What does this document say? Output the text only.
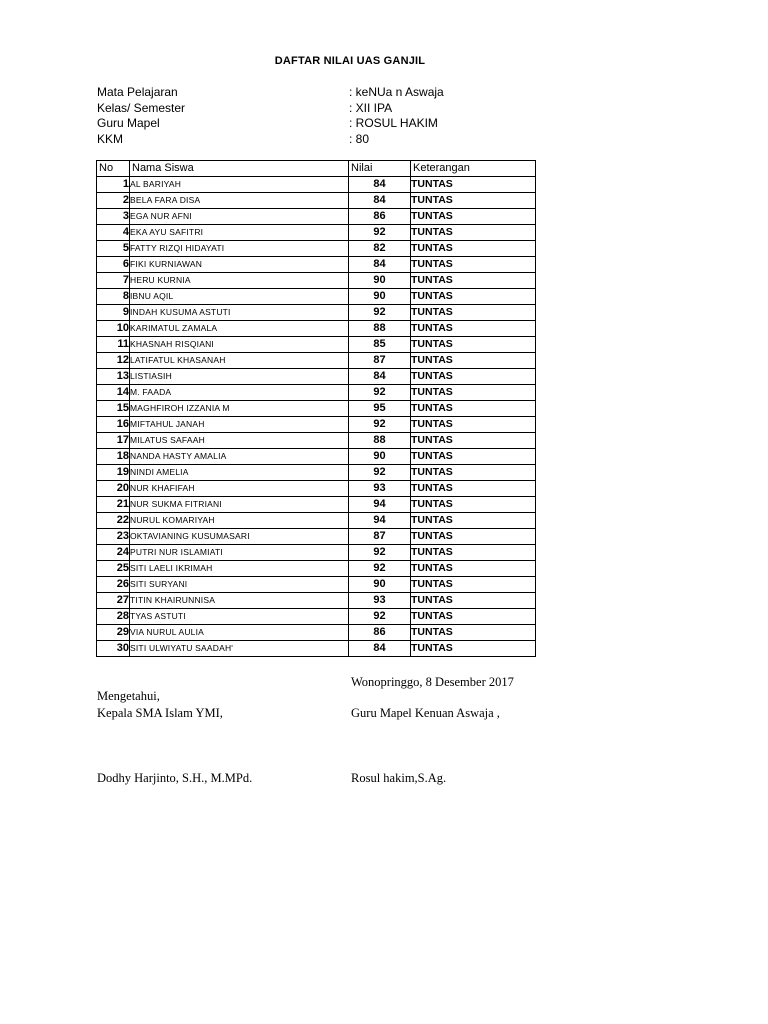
DAFTAR NILAI UAS GANJIL
Mata Pelajaran	: keNUa n Aswaja
Kelas/ Semester	: XII IPA
Guru Mapel	: ROSUL HAKIM
KKM	: 80
No	Nama Siswa	Nilai	Keterangan
1	AL BARIYAH	84	TUNTAS
2	BELA FARA DISA	84	TUNTAS
3	EGA NUR AFNI	86	TUNTAS
4	EKA AYU SAFITRI	92	TUNTAS
5	FATTY RIZQI HIDAYATI	82	TUNTAS
6	FIKI KURNIAWAN	84	TUNTAS
7	HERU KURNIA	90	TUNTAS
8	IBNU AQIL	90	TUNTAS
9	INDAH KUSUMA ASTUTI	92	TUNTAS
10	KARIMATUL ZAMALA	88	TUNTAS
11	KHASNAH RISQIANI	85	TUNTAS
12	LATIFATUL KHASANAH	87	TUNTAS
13	LISTIASIH	84	TUNTAS
14	M. FAADA	92	TUNTAS
15	MAGHFIROH IZZANIA M	95	TUNTAS
16	MIFTAHUL JANAH	92	TUNTAS
17	MILATUS SAFAAH	88	TUNTAS
18	NANDA HASTY AMALIA	90	TUNTAS
19	NINDI AMELIA	92	TUNTAS
20	NUR KHAFIFAH	93	TUNTAS
21	NUR SUKMA FITRIANI	94	TUNTAS
22	NURUL KOMARIYAH	94	TUNTAS
23	OKTAVIANING KUSUMASARI	87	TUNTAS
24	PUTRI NUR ISLAMIATI	92	TUNTAS
25	SITI LAELI IKRIMAH	92	TUNTAS
26	SITI SURYANI	90	TUNTAS
27	TITIN KHAIRUNNISA	93	TUNTAS
28	TYAS ASTUTI	92	TUNTAS
29	VIA NURUL AULIA	86	TUNTAS
30	SITI ULWIYATU SAADAH'	84	TUNTAS
Wonopringgo, 8 Desember 2017
Mengetahui,
Kepala SMA Islam YMI,	Guru Mapel Kenuan Aswaja ,
Dodhy Harjinto, S.H., M.MPd.	Rosul hakim,S.Ag.
